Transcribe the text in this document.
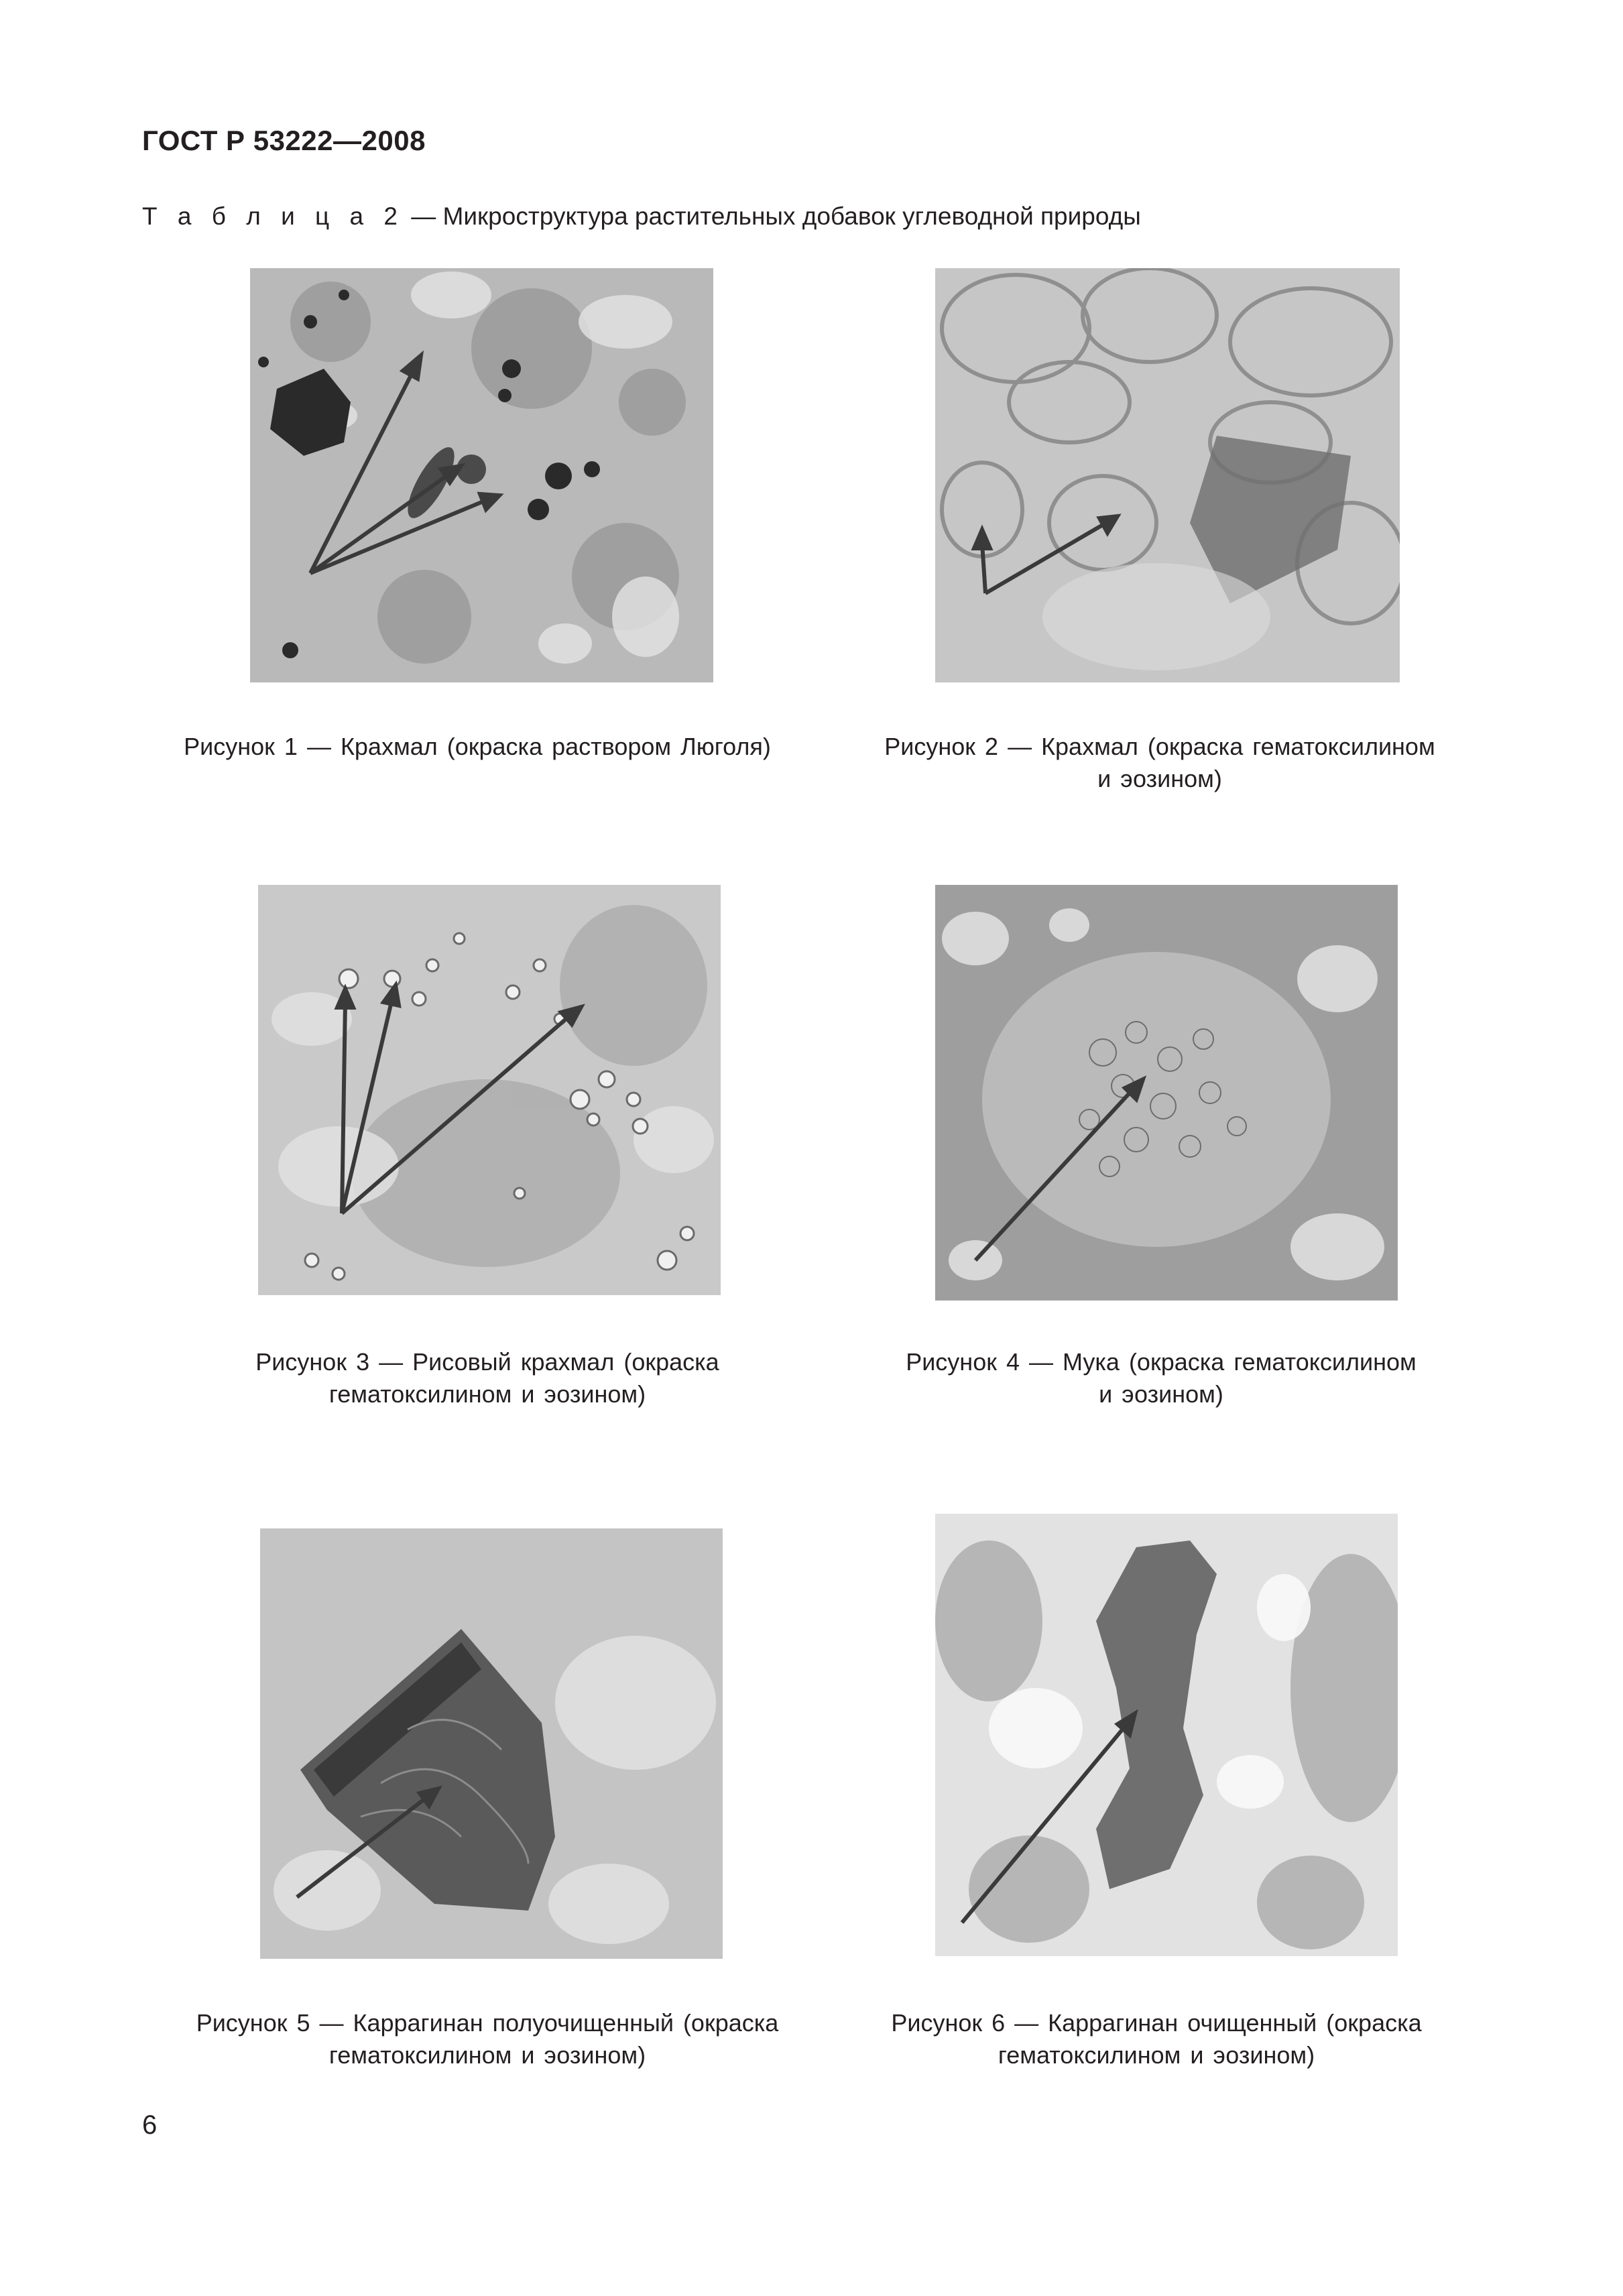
ГОСТ Р 53222—2008
Т а б л и ц а 2 — Микроструктура растительных добавок углеводной природы
Рисунок 1 — Крахмал (окраска раствором Люголя)	Рисунок 2 — Крахмал (окраска гематоксилином
и эозином)
Рисунок 3 — Рисовый крахмал (окраска
гематоксилином и эозином)
Рисунок 4 — Мука (окраска гематоксилином
и эозином)
Рисунок 5 — Каррагинан полуочищенный (окраска
гематоксилином и эозином)
Рисунок 6 — Каррагинан очищенный (окраска
гематоксилином и эозином)
6
